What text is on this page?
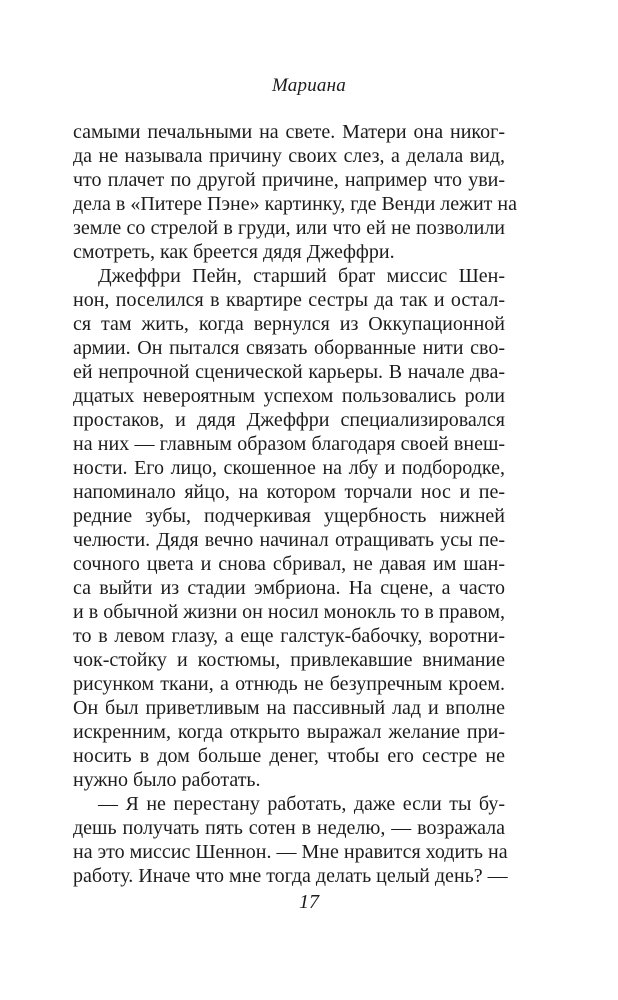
Мариана
самыми печальными на свете. Матери она никог-
да не называла причину своих слез, а делала вид,
что плачет по другой причине, например что уви-
дела в «Питере Пэне» картинку, где Венди лежит на
земле со стрелой в груди, или что ей не позволили
смотреть, как бреется дядя Джеффри.
Джеффри Пейн, старший брат миссис Шен-
нон, поселился в квартире сестры да так и остал-
ся там жить, когда вернулся из Оккупационной
армии. Он пытался связать оборванные нити сво-
ей непрочной сценической карьеры. В начале два-
дцатых невероятным успехом пользовались роли
простаков, и дядя Джеффри специализировался
на них — главным образом благодаря своей внеш-
ности. Его лицо, скошенное на лбу и подбородке,
напоминало яйцо, на котором торчали нос и пе-
редние зубы, подчеркивая ущербность нижней
челюсти. Дядя вечно начинал отращивать усы пе-
сочного цвета и снова сбривал, не давая им шан-
са выйти из стадии эмбриона. На сцене, а часто
и в обычной жизни он носил монокль то в правом,
то в левом глазу, а еще галстук-бабочку, воротни-
чок-стойку и костюмы, привлекавшие внимание
рисунком ткани, а отнюдь не безупречным кроем.
Он был приветливым на пассивный лад и вполне
искренним, когда открыто выражал желание при-
носить в дом больше денег, чтобы его сестре не
нужно было работать.
— Я не перестану работать, даже если ты бу-
дешь получать пять сотен в неделю, — возражала
на это миссис Шеннон. — Мне нравится ходить на
работу. Иначе что мне тогда делать целый день? —
17
